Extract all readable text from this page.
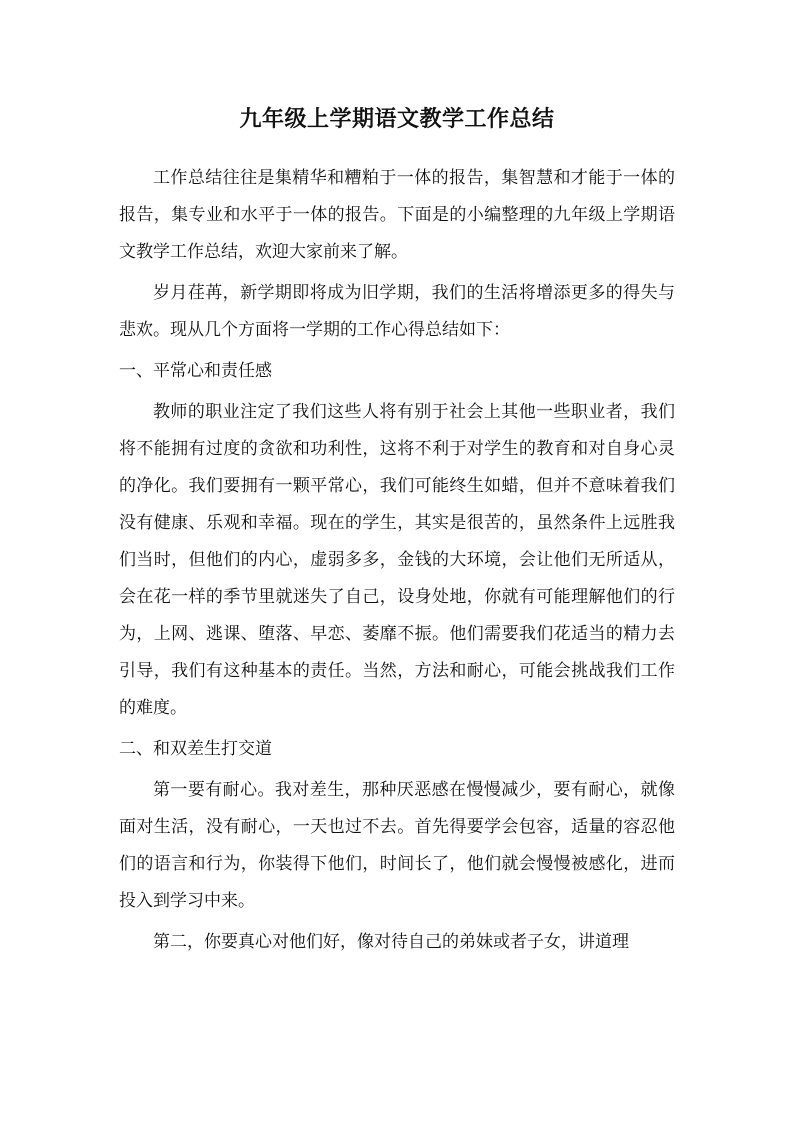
九年级上学期语文教学工作总结

工作总结往往是集精华和糟粕于一体的报告，集智慧和才能于一体的报告，集专业和水平于一体的报告。下面是的小编整理的九年级上学期语文教学工作总结，欢迎大家前来了解。

岁月荏苒，新学期即将成为旧学期，我们的生活将增添更多的得失与悲欢。现从几个方面将一学期的工作心得总结如下：

一、平常心和责任感

教师的职业注定了我们这些人将有别于社会上其他一些职业者，我们将不能拥有过度的贪欲和功利性，这将不利于对学生的教育和对自身心灵的净化。我们要拥有一颗平常心，我们可能终生如蜡，但并不意味着我们没有健康、乐观和幸福。现在的学生，其实是很苦的，虽然条件上远胜我们当时，但他们的内心，虚弱多多，金钱的大环境，会让他们无所适从，会在花一样的季节里就迷失了自己，设身处地，你就有可能理解他们的行为，上网、逃课、堕落、早恋、萎靡不振。他们需要我们花适当的精力去引导，我们有这种基本的责任。当然，方法和耐心，可能会挑战我们工作的难度。

二、和双差生打交道

第一要有耐心。我对差生，那种厌恶感在慢慢减少，要有耐心，就像面对生活，没有耐心，一天也过不去。首先得要学会包容，适量的容忍他们的语言和行为，你装得下他们，时间长了，他们就会慢慢被感化，进而投入到学习中来。

第二，你要真心对他们好，像对待自己的弟妹或者子女，讲道理
